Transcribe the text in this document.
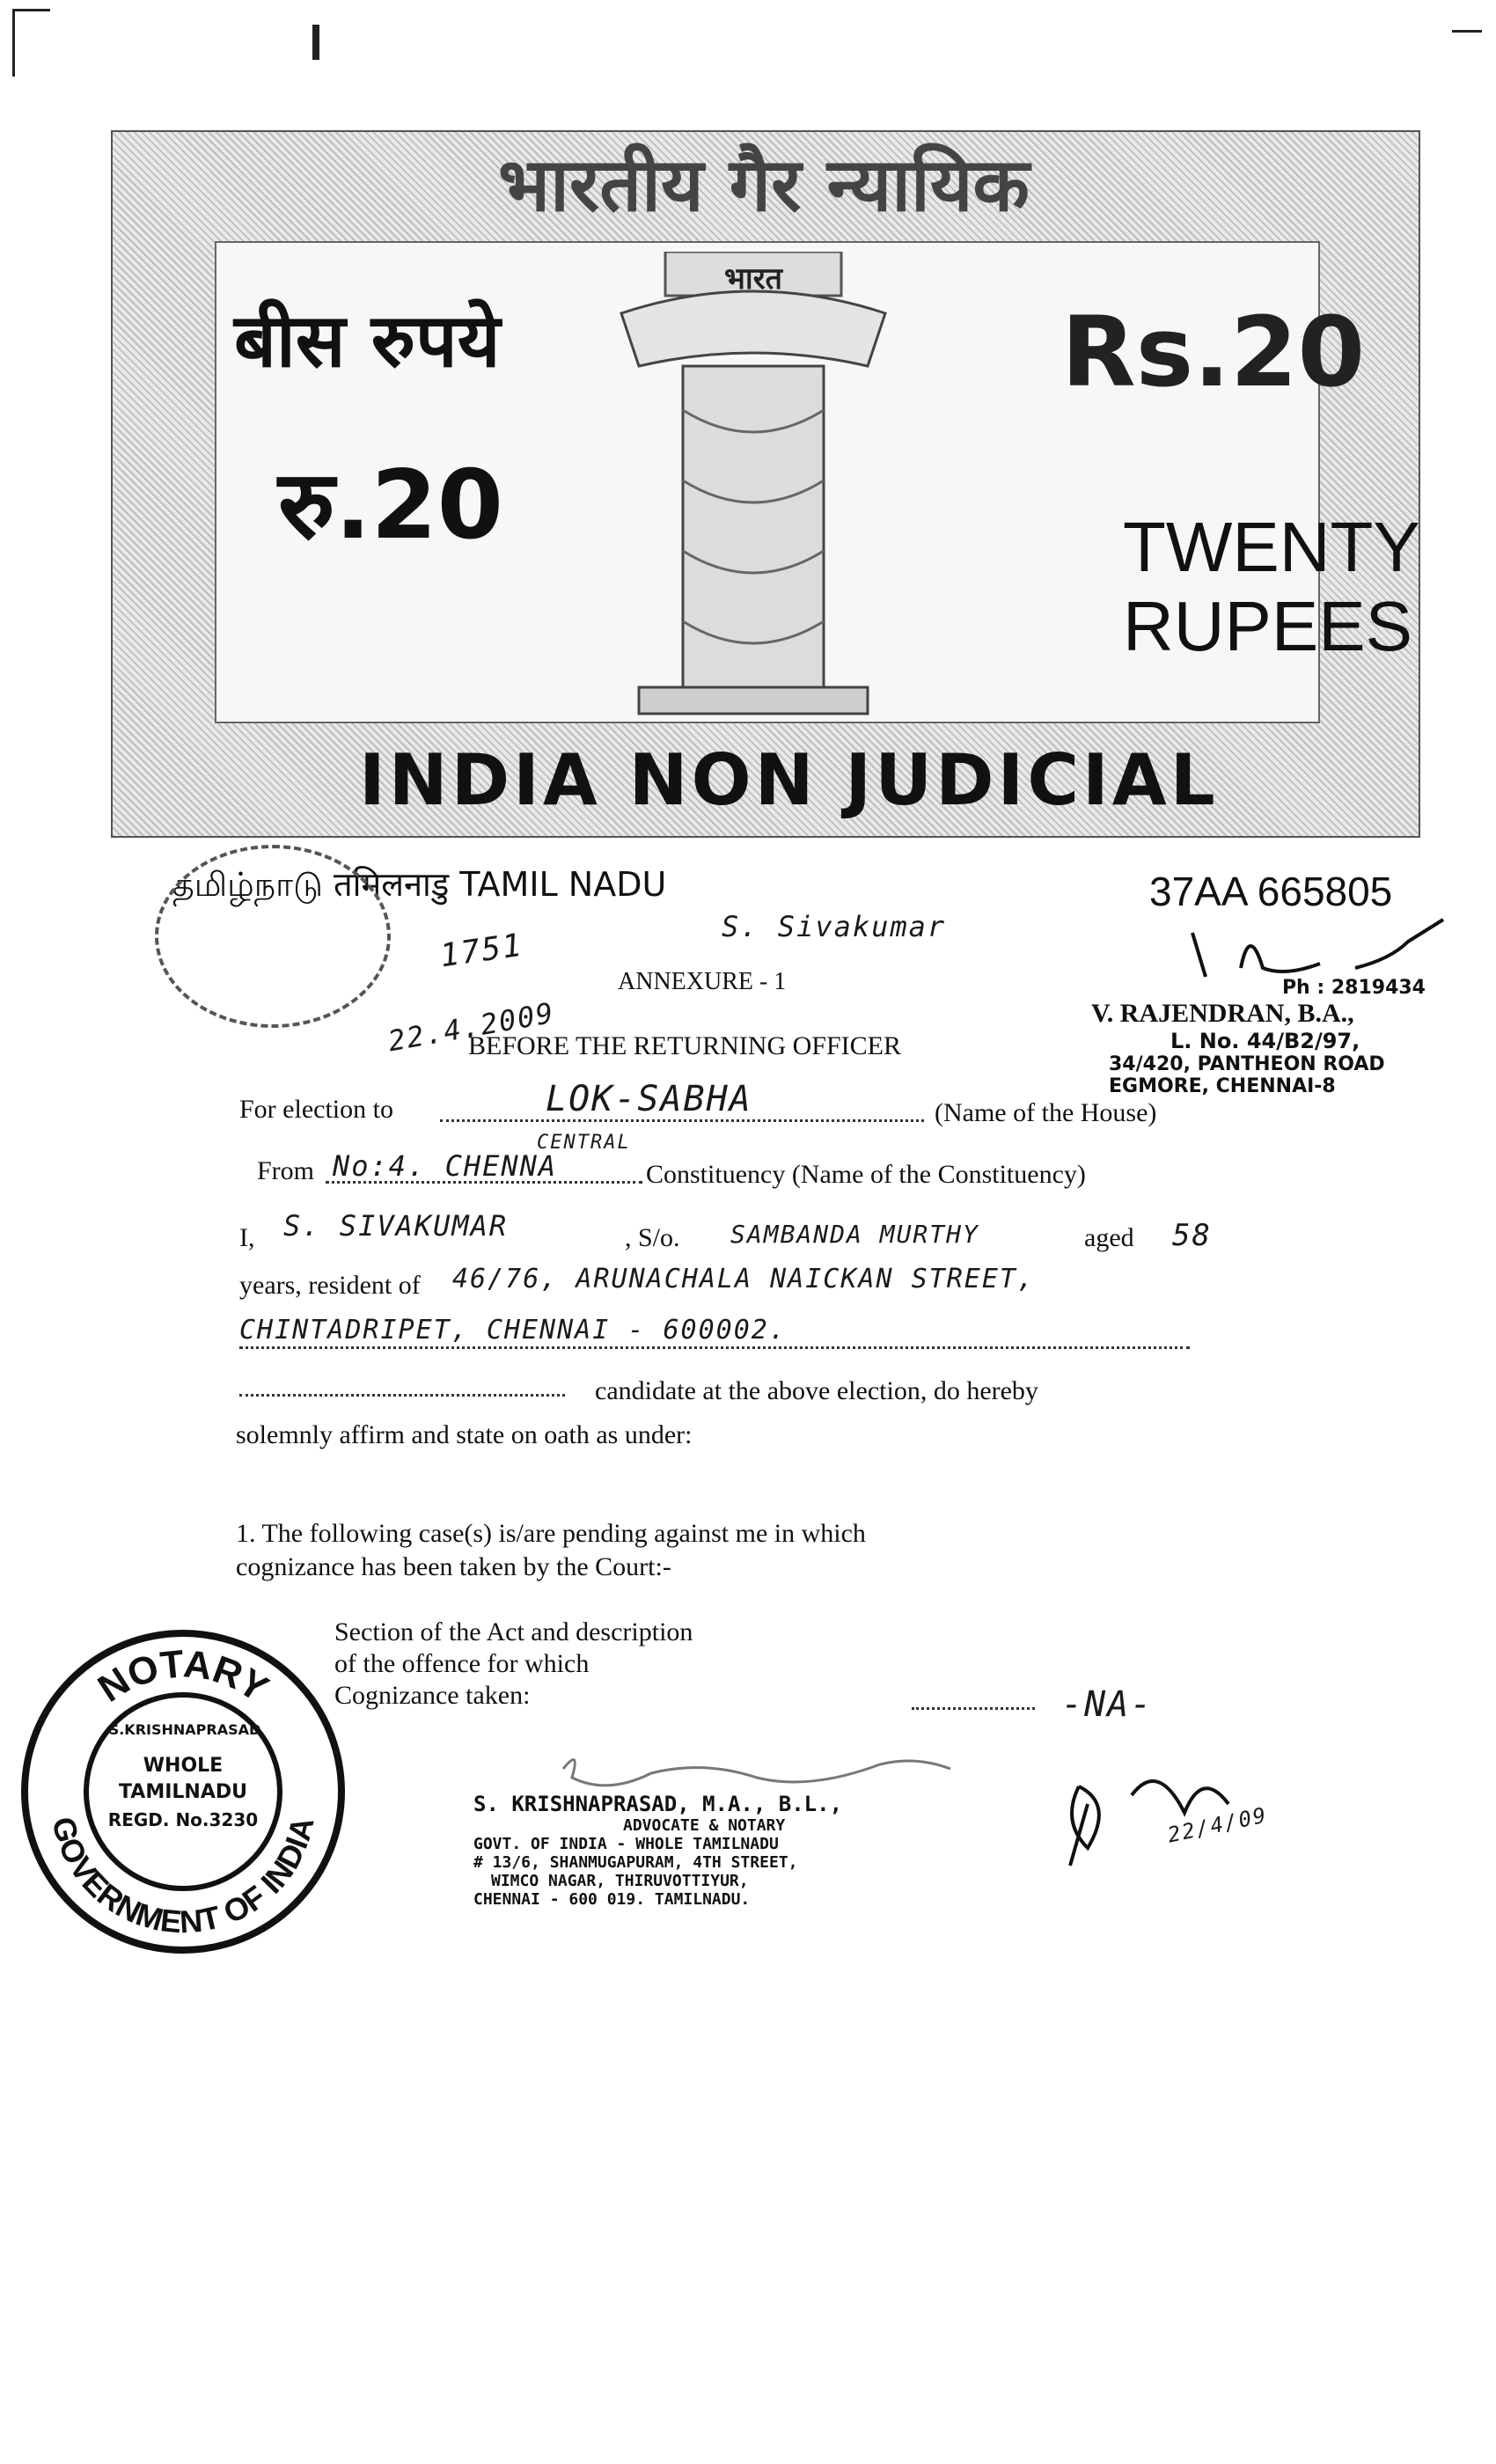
भारतीय गैर न्यायिक
बीस रुपये
रु.20
भारत
Rs.20
TWENTY
RUPEES
INDIA NON JUDICIAL
தமிழ்நாடு तमिलनाडु TAMIL NADU	37AA 665805
S. Sivakumar
1751
22.4.2009
Ph : 2819434
V. RAJENDRAN, B.A.,
L. No. 44/B2/97,
34/420, PANTHEON ROAD
EGMORE, CHENNAI-8
ANNEXURE - 1
BEFORE THE RETURNING OFFICER
For election to	LOK-SABHA	(Name of the House)
From No:4. CHENNA
CENTRAL
Constituency (Name of the Constituency)
I, S. SIVAKUMAR	, S/o. SAMBANDA MURTHY	aged 58
years, resident of 46/76, ARUNACHALA NAICKAN STREET,
CHINTADRIPET, CHENNAI - 600002.
candidate at the above election, do hereby
solemnly affirm and state on oath as under:
1. The following case(s) is/are pending against me in which
cognizance has been taken by the Court:-
Section of the Act and description
of the offence for which
Cognizance taken:	-NA-
22/4/09
NOTARY
GOVERNMENT OF INDIA
S.KRISHNAPRASAD
WHOLE
TAMILNADU
REGD. No.3230
S. KRISHNAPRASAD, M.A., B.L.,
ADVOCATE & NOTARY
GOVT. OF INDIA - WHOLE TAMILNADU
# 13/6, SHANMUGAPURAM, 4TH STREET,
WIMCO NAGAR, THIRUVOTTIYUR,
CHENNAI - 600 019. TAMILNADU.
